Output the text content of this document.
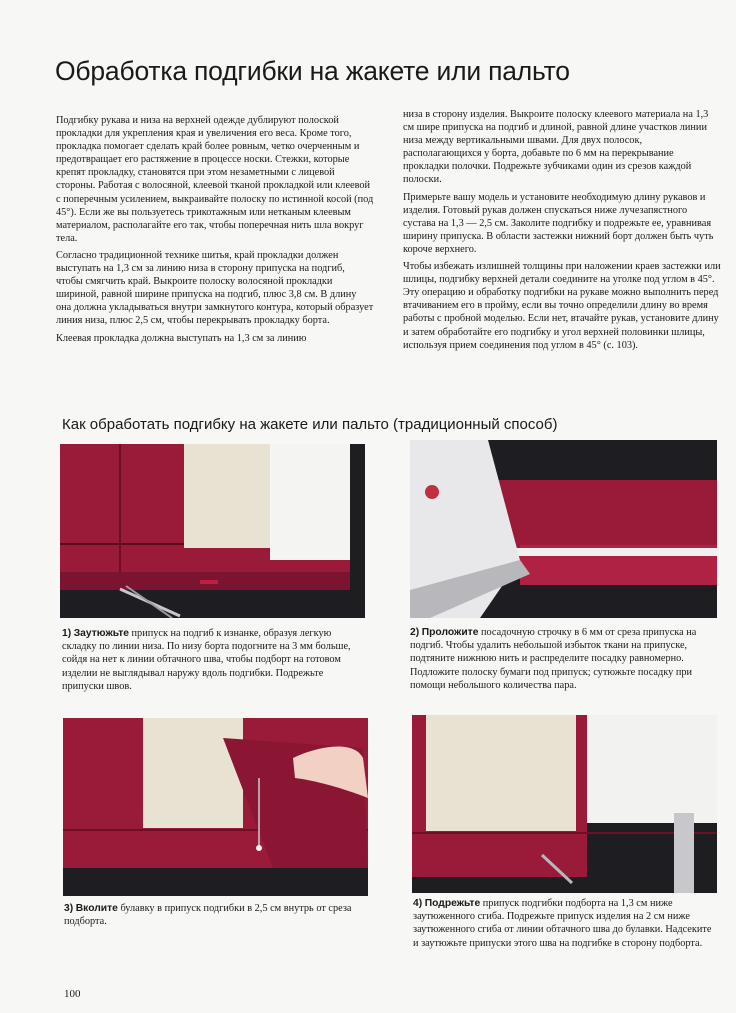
Обработка подгибки на жакете или пальто

Подгибку рукава и низа на верхней одежде дублируют полоской прокладки для укрепления края и увеличения его веса. Кроме того, прокладка помогает сделать край более ровным, четко очерченным и предотвращает его растяжение в процессе носки. Стежки, которые крепят прокладку, становятся при этом незаметными с лицевой стороны. Работая с волосяной, клеевой тканой прокладкой или клеевой с поперечным усилением, выкраивайте полоску по истинной косой (под 45°). Если же вы пользуетесь трикотажным или нетканым клеевым материалом, располагайте его так, чтобы поперечная нить шла вокруг тела.

Согласно традиционной технике шитья, край прокладки должен выступать на 1,3 см за линию низа в сторону припуска на подгиб, чтобы смягчить край. Выкроите полоску волосяной прокладки шириной, равной ширине припуска на подгиб, плюс 3,8 см. В длину она должна укладываться внутри замкнутого контура, который образует линия низа, плюс 2,5 см, чтобы перекрывать прокладку борта.

Клеевая прокладка должна выступать на 1,3 см за линию

низа в сторону изделия. Выкроите полоску клеевого материала на 1,3 см шире припуска на подгиб и длиной, равной длине участков линии низа между вертикальными швами. Для двух полосок, располагающихся у борта, добавьте по 6 мм на перекрывание прокладки полочки. Подрежьте зубчиками один из срезов каждой полоски.

Примерьте вашу модель и установите необходимую длину рукавов и изделия. Готовый рукав должен спускаться ниже лучезапястного сустава на 1,3 — 2,5 см. Заколите подгибку и подрежьте ее, уравнивая ширину припуска. В области застежки нижний борт должен быть чуть короче верхнего.

Чтобы избежать излишней толщины при наложении краев застежки или шлицы, подгибку верхней детали соедините на уголке под углом в 45°. Эту операцию и обработку подгибки на рукаве можно выполнить перед втачиванием его в пройму, если вы точно определили длину во время работы с пробной моделью. Если нет, втачайте рукав, установите длину и затем обработайте его подгибку и угол верхней половинки шлицы, используя прием соединения под углом в 45° (с. 103).

Как обработать подгибку на жакете или пальто (традиционный способ)
1) Заутюжьте припуск на подгиб к изнанке, образуя легкую складку по линии низа. По низу борта подогните на 3 мм больше, сойдя на нет к линии обтачного шва, чтобы подборт на готовом изделии не выглядывал наружу вдоль подгибки. Подрежьте припуски швов.
2) Проложите посадочную строчку в 6 мм от среза припуска на подгиб. Чтобы удалить небольшой избыток ткани на припуске, подтяните нижнюю нить и распределите посадку равномерно. Подложите полоску бумаги под припуск; сутюжьте посадку при помощи небольшого количества пара.
3) Вколите булавку в припуск подгибки в 2,5 см внутрь от среза подборта.
4) Подрежьте припуск подгибки подборта на 1,3 см ниже заутюженного сгиба. Подрежьте припуск изделия на 2 см ниже заутюженного сгиба от линии обтачного шва до булавки. Надсеките и заутюжьте припуски этого шва на подгибке в сторону подборта.
100
